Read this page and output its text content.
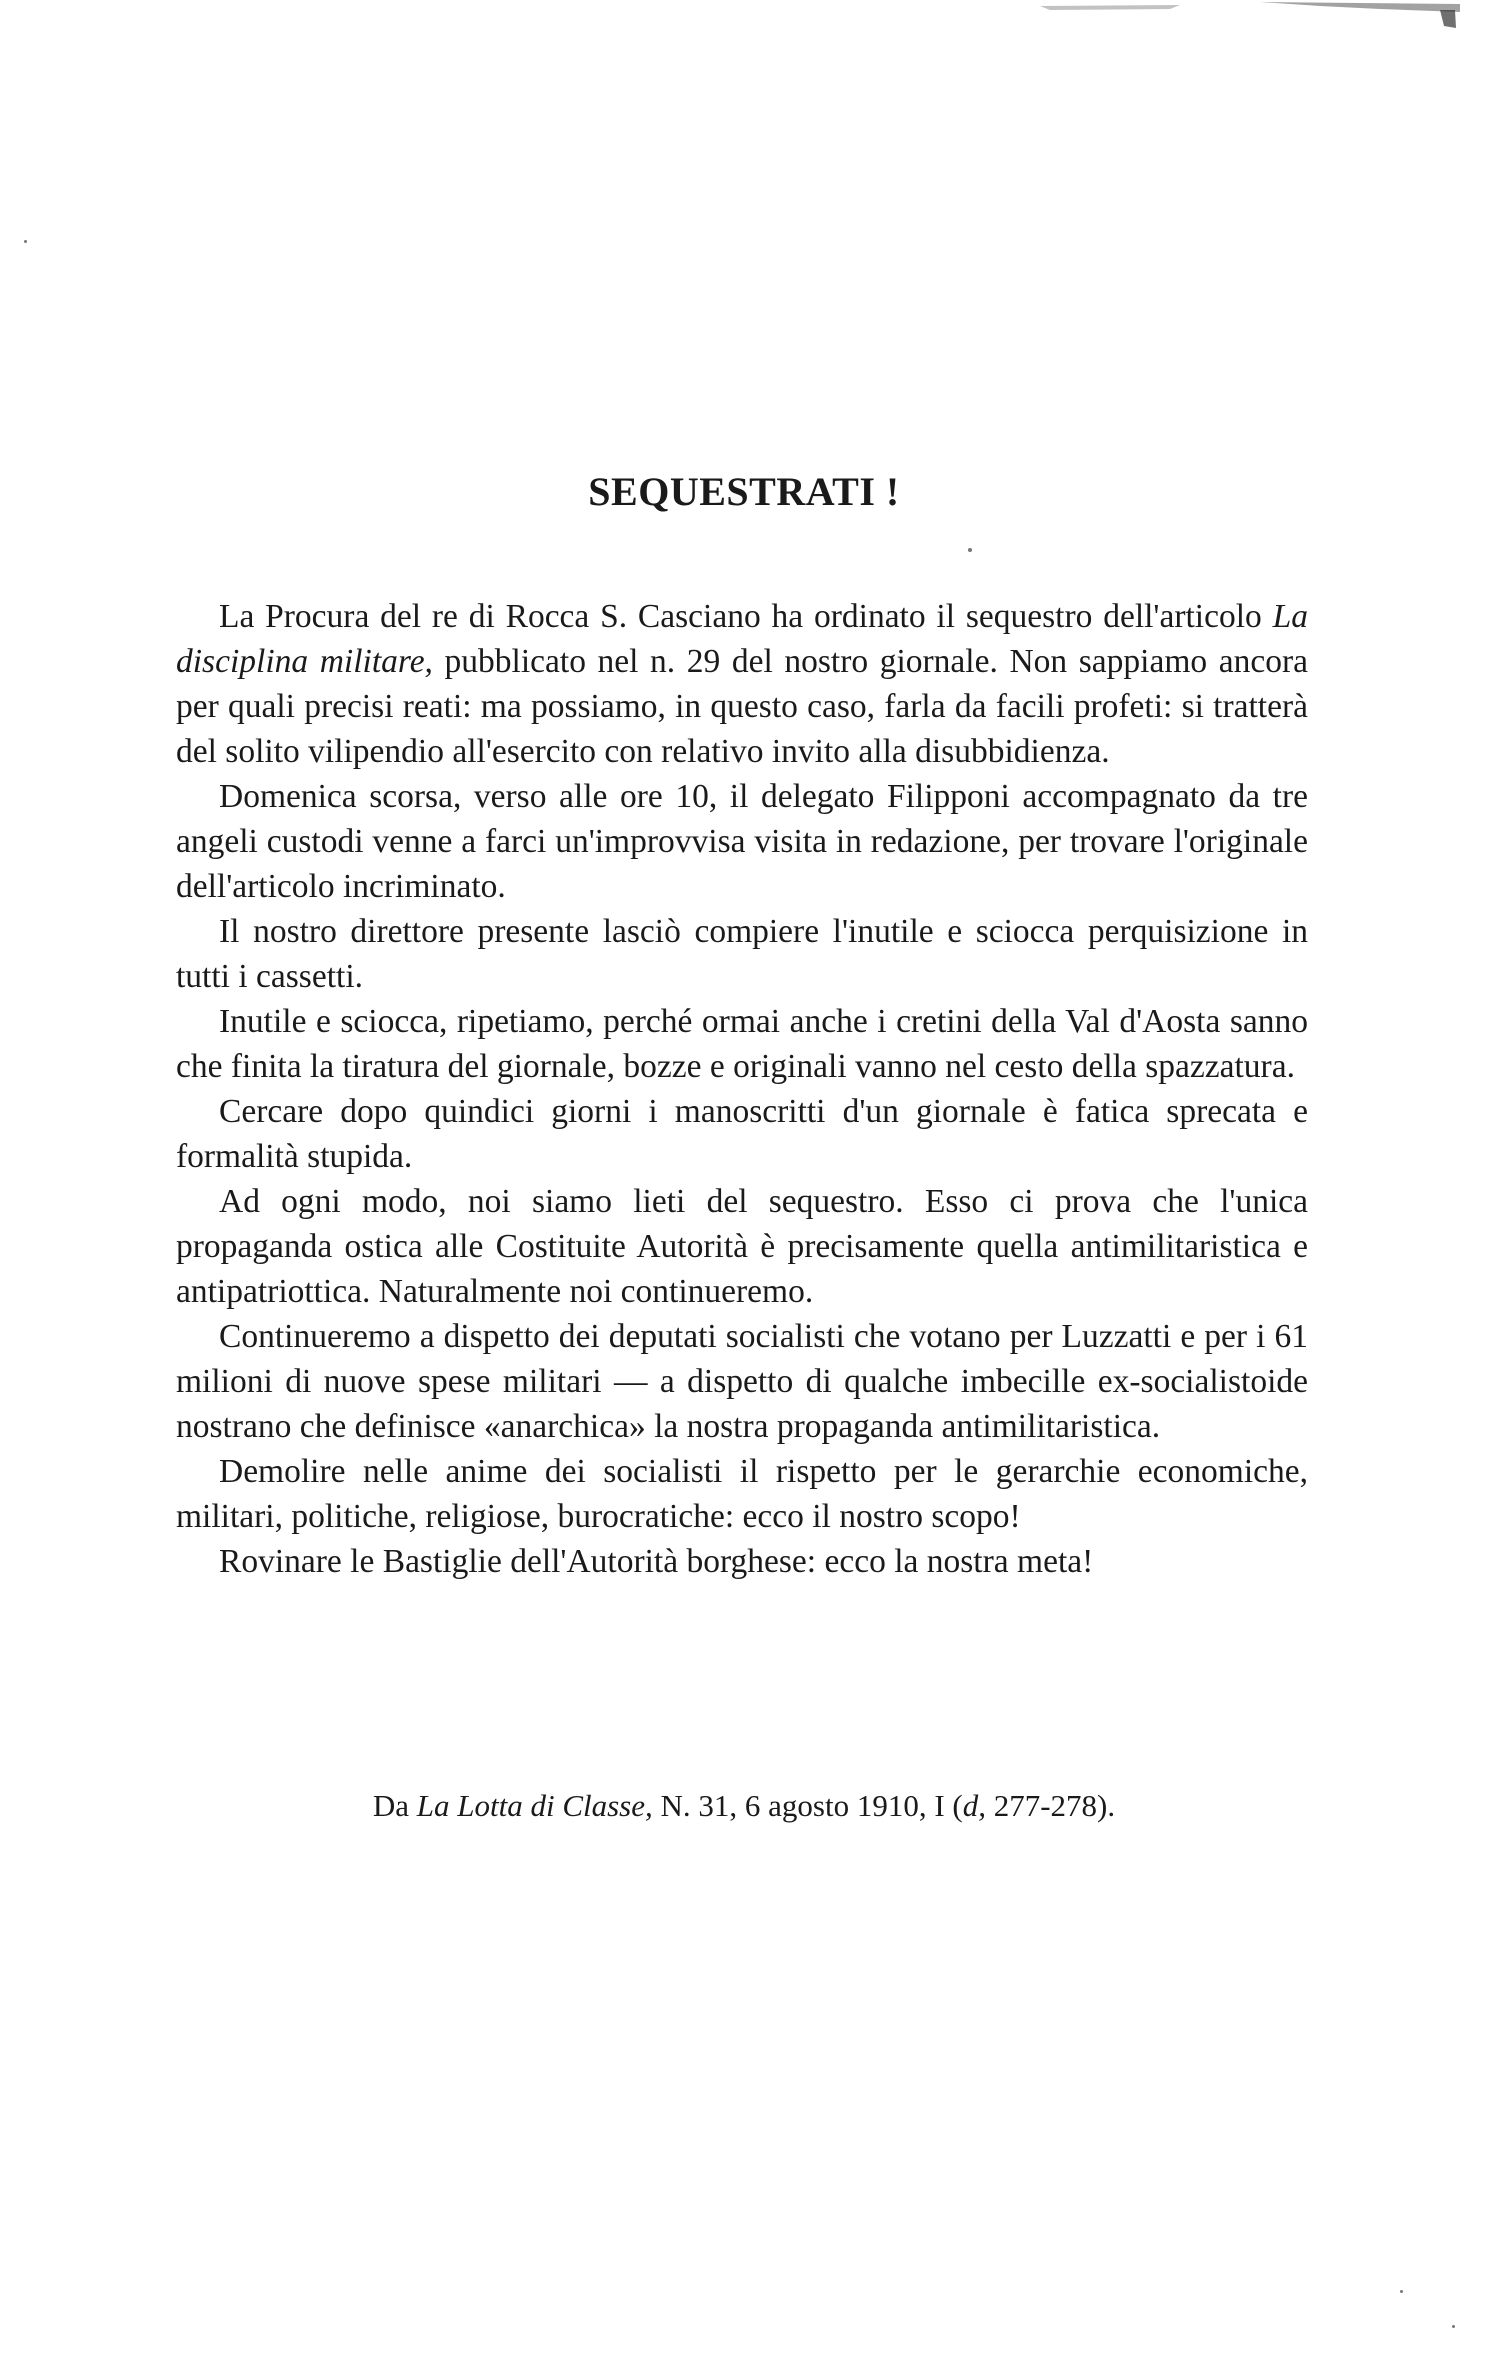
SEQUESTRATI !

La Procura del re di Rocca S. Casciano ha ordinato il sequestro dell'articolo La disciplina militare, pubblicato nel n. 29 del nostro giornale. Non sappiamo ancora per quali precisi reati: ma possiamo, in questo caso, farla da facili profeti: si tratterà del solito vilipendio all'esercito con relativo invito alla disubbidienza.

Domenica scorsa, verso alle ore 10, il delegato Filipponi accompagnato da tre angeli custodi venne a farci un'improvvisa visita in redazione, per trovare l'originale dell'articolo incriminato.

Il nostro direttore presente lasciò compiere l'inutile e sciocca perquisizione in tutti i cassetti.

Inutile e sciocca, ripetiamo, perché ormai anche i cretini della Val d'Aosta sanno che finita la tiratura del giornale, bozze e originali vanno nel cesto della spazzatura.

Cercare dopo quindici giorni i manoscritti d'un giornale è fatica sprecata e formalità stupida.

Ad ogni modo, noi siamo lieti del sequestro. Esso ci prova che l'unica propaganda ostica alle Costituite Autorità è precisamente quella antimilitaristica e antipatriottica. Naturalmente noi continueremo.

Continueremo a dispetto dei deputati socialisti che votano per Luzzatti e per i 61 milioni di nuove spese militari — a dispetto di qualche imbecille ex-socialistoide nostrano che definisce «anarchica» la nostra propaganda antimilitaristica.

Demolire nelle anime dei socialisti il rispetto per le gerarchie economiche, militari, politiche, religiose, burocratiche: ecco il nostro scopo!

Rovinare le Bastiglie dell'Autorità borghese: ecco la nostra meta!

Da La Lotta di Classe, N. 31, 6 agosto 1910, I (d, 277-278).
